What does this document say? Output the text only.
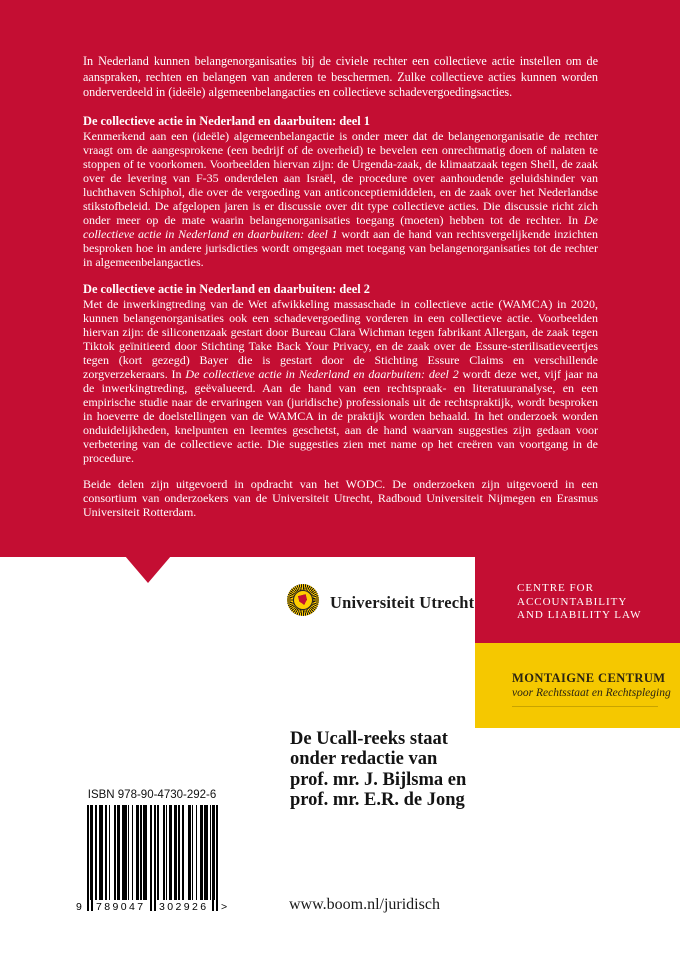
In Nederland kunnen belangenorganisaties bij de civiele rechter een collectieve actie instellen om de aanspraken, rechten en belangen van anderen te beschermen. Zulke collectieve acties kunnen worden onderverdeeld in (ideële) algemeenbelangacties en collectieve schadevergoedingsacties.

De collectieve actie in Nederland en daarbuiten: deel 1

Kenmerkend aan een (ideële) algemeenbelangactie is onder meer dat de belangenorganisatie de rechter vraagt om de aangesprokene (een bedrijf of de overheid) te bevelen een onrechtmatig doen of nalaten te stoppen of te voorkomen. Voorbeelden hiervan zijn: de Urgenda-zaak, de klimaatzaak tegen Shell, de zaak over de levering van F-35 onderdelen aan Israël, de procedure over aanhoudende geluidshinder van luchthaven Schiphol, die over de vergoeding van anticonceptiemiddelen, en de zaak over het Nederlandse stikstofbeleid. De afgelopen jaren is er discussie over dit type collectieve acties. Die discussie richt zich onder meer op de mate waarin belangenorganisaties toegang (moeten) hebben tot de rechter. In De collectieve actie in Nederland en daarbuiten: deel 1 wordt aan de hand van rechtsvergelijkende inzichten besproken hoe in andere jurisdicties wordt omgegaan met toegang van belangenorganisaties tot de rechter in algemeenbelangacties.

De collectieve actie in Nederland en daarbuiten: deel 2

Met de inwerkingtreding van de Wet afwikkeling massaschade in collectieve actie (WAMCA) in 2020, kunnen belangenorganisaties ook een schadevergoeding vorderen in een collectieve actie. Voorbeelden hiervan zijn: de siliconenzaak gestart door Bureau Clara Wichman tegen fabrikant Allergan, de zaak tegen Tiktok geïnitieerd door Stichting Take Back Your Privacy, en de zaak over de Essure-sterilisatieveertjes tegen (kort gezegd) Bayer die is gestart door de Stichting Essure Claims en verschillende zorgverzekeraars. In De collectieve actie in Nederland en daarbuiten: deel 2 wordt deze wet, vijf jaar na de inwerkingtreding, geëvalueerd. Aan de hand van een rechtspraak- en literatuuranalyse, en een empirische studie naar de ervaringen van (juridische) professionals uit de rechtspraktijk, wordt besproken in hoeverre de doelstellingen van de WAMCA in de praktijk worden behaald. In het onderzoek worden onduidelijkheden, knelpunten en leemtes geschetst, aan de hand waarvan suggesties zijn gedaan voor verbetering van de collectieve actie. Die suggesties zien met name op het creëren van voortgang in de procedure.

Beide delen zijn uitgevoerd in opdracht van het WODC. De onderzoeken zijn uitgevoerd in een consortium van onderzoekers van de Universiteit Utrecht, Radboud Universiteit Nijmegen en Erasmus Universiteit Rotterdam.

Universiteit Utrecht
CENTRE FOR
ACCOUNTABILITY
AND LIABILITY LAW
MONTAIGNE CENTRUM
voor Rechtsstaat en Rechtspleging
De Ucall-reeks staat
onder redactie van
prof. mr. J. Bijlsma en
prof. mr. E.R. de Jong
ISBN 978-90-4730-292-6
9 789047 302926 >	www.boom.nl/juridisch
